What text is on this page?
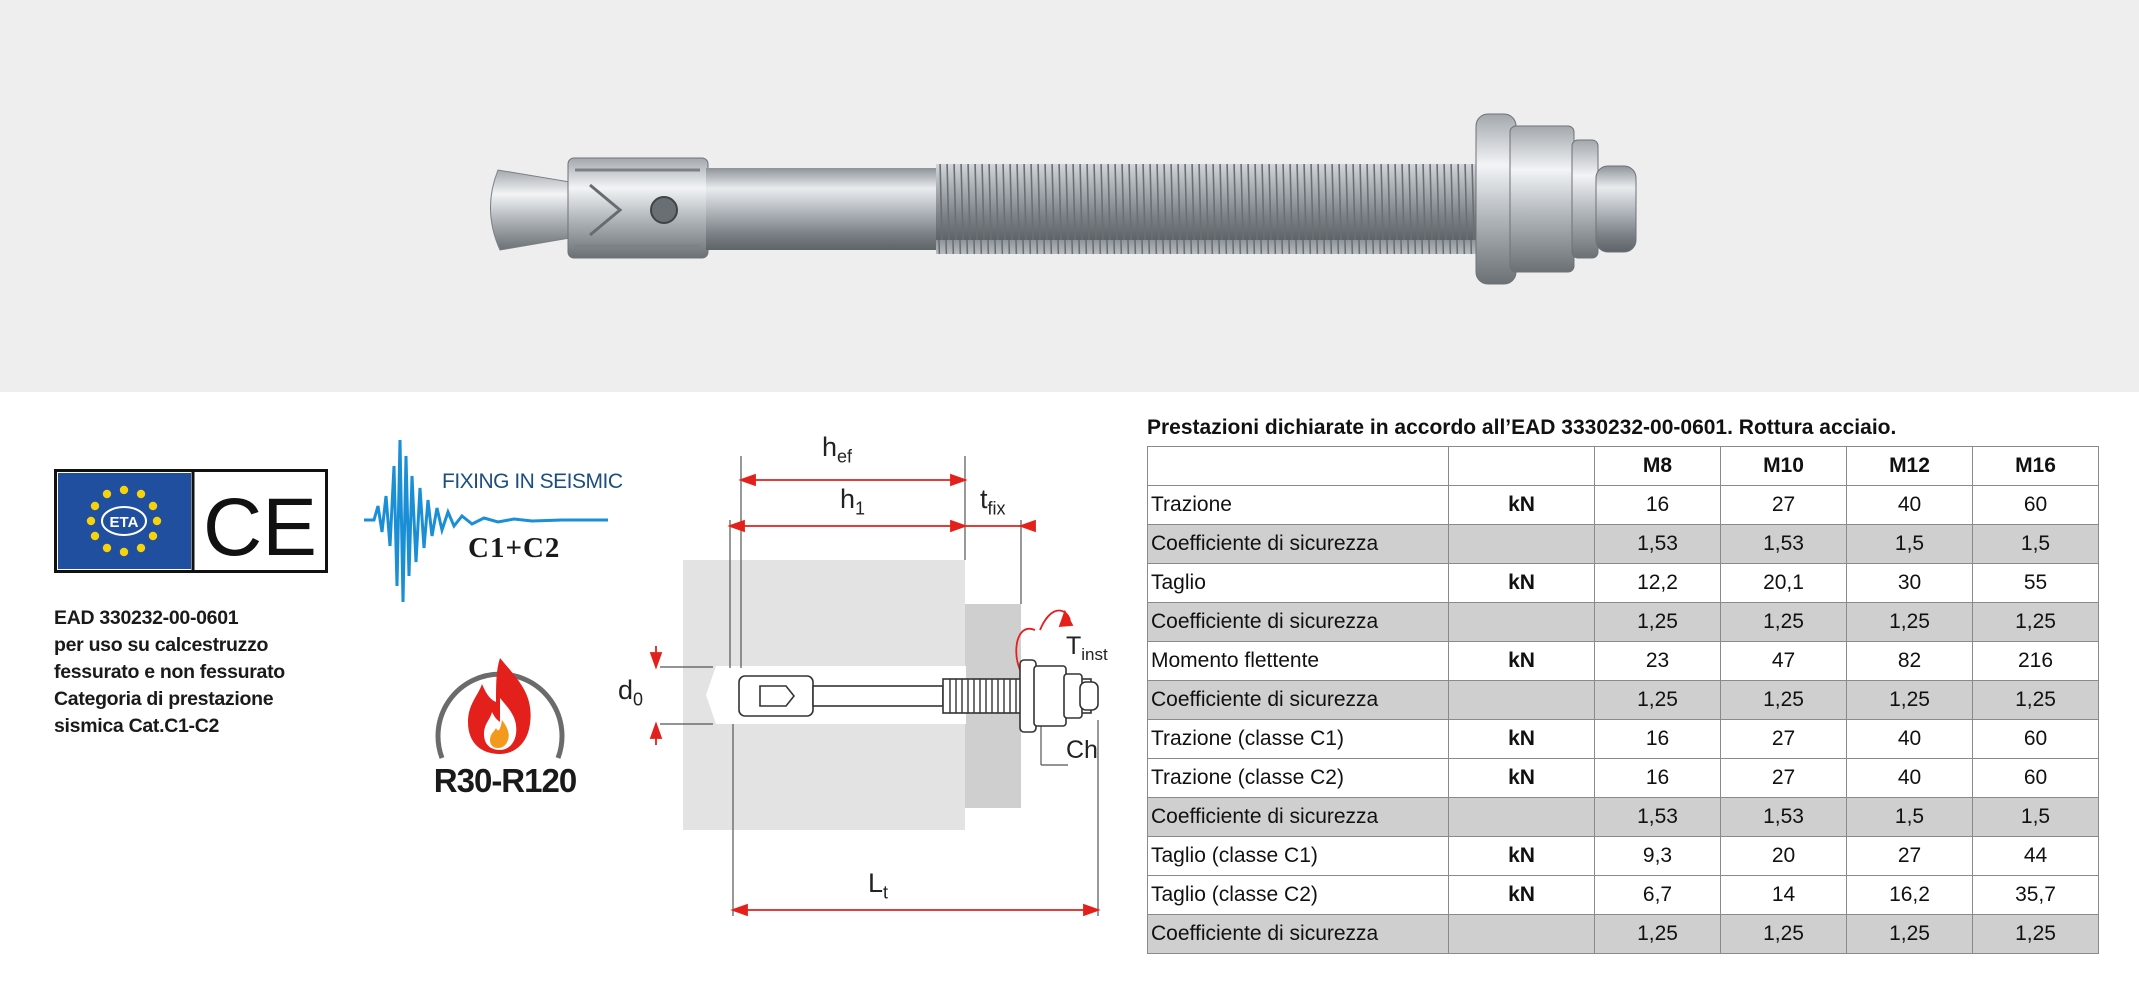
ETA CE
EAD 330232-00-0601
per uso su calcestruzzo
fessurato e non fessurato
Categoria di prestazione
sismica Cat.C1-C2
FIXING IN SEISMIC
C1+C2
R30-R120
$h_{ef}$
$h_1$	$t_{fix}$
$d_0$
$T_{inst}$
Ch
$L_t$
Prestazioni dichiarate in accordo all’EAD 3330232-00-0601. Rottura acciaio.
		M8	M10	M12	M16
Trazione	kN	16	27	40	60
Coefficiente di sicurezza		1,53	1,53	1,5	1,5
Taglio	kN	12,2	20,1	30	55
Coefficiente di sicurezza		1,25	1,25	1,25	1,25
Momento flettente	kN	23	47	82	216
Coefficiente di sicurezza		1,25	1,25	1,25	1,25
Trazione (classe C1)	kN	16	27	40	60
Trazione (classe C2)	kN	16	27	40	60
Coefficiente di sicurezza		1,53	1,53	1,5	1,5
Taglio (classe C1)	kN	9,3	20	27	44
Taglio (classe C2)	kN	6,7	14	16,2	35,7
Coefficiente di sicurezza		1,25	1,25	1,25	1,25
